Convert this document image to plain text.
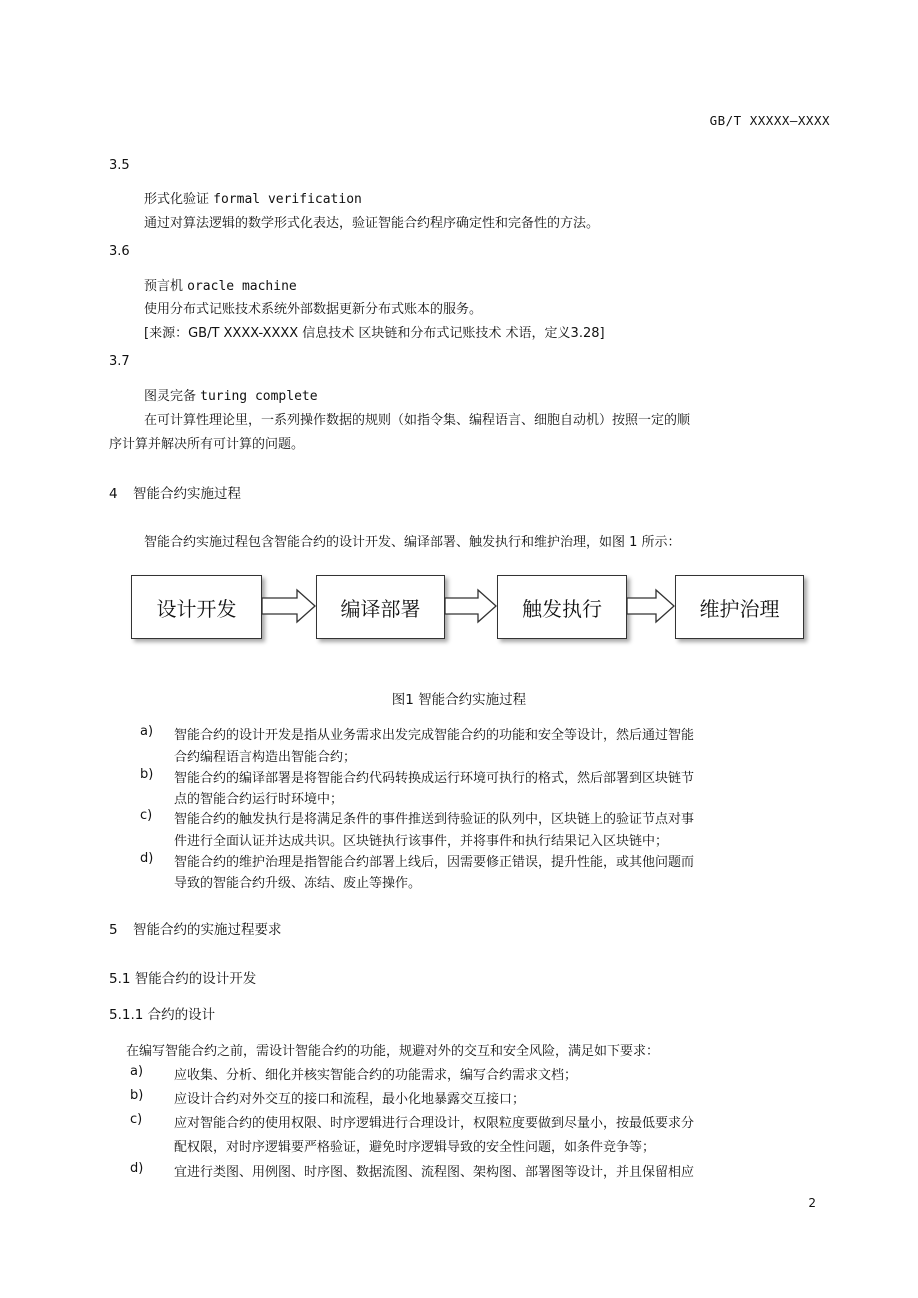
GB/T XXXXX—XXXX
3.5
形式化验证 formal verification
通过对算法逻辑的数学形式化表达，验证智能合约程序确定性和完备性的方法。
3.6
预言机 oracle machine
使用分布式记账技术系统外部数据更新分布式账本的服务。
[来源：GB/T XXXX-XXXX 信息技术 区块链和分布式记账技术 术语，定义3.28]
3.7
图灵完备 turing complete
在可计算性理论里，一系列操作数据的规则（如指令集、编程语言、细胞自动机）按照一定的顺
序计算并解决所有可计算的问题。
4 智能合约实施过程
智能合约实施过程包含智能合约的设计开发、编译部署、触发执行和维护治理，如图 1 所示：
设计开发	编译部署	触发执行	维护治理
图1 智能合约实施过程
a) 智能合约的设计开发是指从业务需求出发完成智能合约的功能和安全等设计，然后通过智能
合约编程语言构造出智能合约；
b) 智能合约的编译部署是将智能合约代码转换成运行环境可执行的格式，然后部署到区块链节
点的智能合约运行时环境中；
c) 智能合约的触发执行是将满足条件的事件推送到待验证的队列中，区块链上的验证节点对事
件进行全面认证并达成共识。区块链执行该事件，并将事件和执行结果记入区块链中；
d) 智能合约的维护治理是指智能合约部署上线后，因需要修正错误，提升性能，或其他问题而
导致的智能合约升级、冻结、废止等操作。
5 智能合约的实施过程要求
5.1 智能合约的设计开发
5.1.1 合约的设计
在编写智能合约之前，需设计智能合约的功能，规避对外的交互和安全风险，满足如下要求：
a) 应收集、分析、细化并核实智能合约的功能需求，编写合约需求文档；
b) 应设计合约对外交互的接口和流程，最小化地暴露交互接口；
c) 应对智能合约的使用权限、时序逻辑进行合理设计，权限粒度要做到尽量小，按最低要求分
配权限，对时序逻辑要严格验证，避免时序逻辑导致的安全性问题，如条件竞争等；
d) 宜进行类图、用例图、时序图、数据流图、流程图、架构图、部署图等设计，并且保留相应
2
